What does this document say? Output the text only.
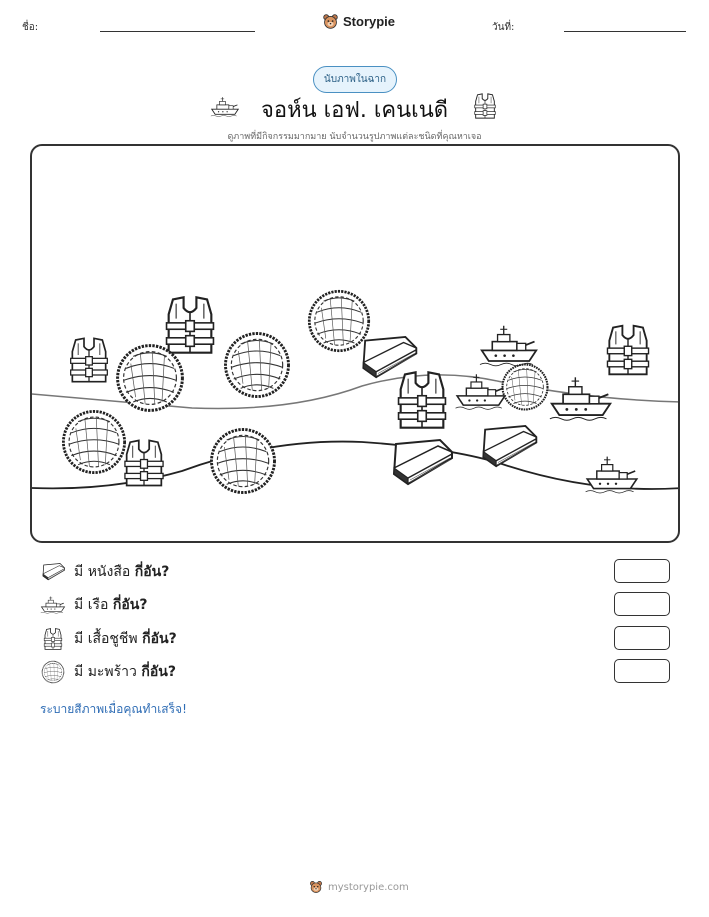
ชื่อ:	Storypie	วันที่:
นับภาพในฉาก
จอห์น เอฟ. เคนเนดี
ดูภาพที่มีกิจกรรมมากมาย นับจำนวนรูปภาพแต่ละชนิดที่คุณหาเจอ
มี หนังสือ กี่อัน?
มี เรือ กี่อัน?
มี เสื้อชูชีพ กี่อัน?
มี มะพร้าว กี่อัน?
ระบายสีภาพเมื่อคุณทำเสร็จ!
mystorypie.com
